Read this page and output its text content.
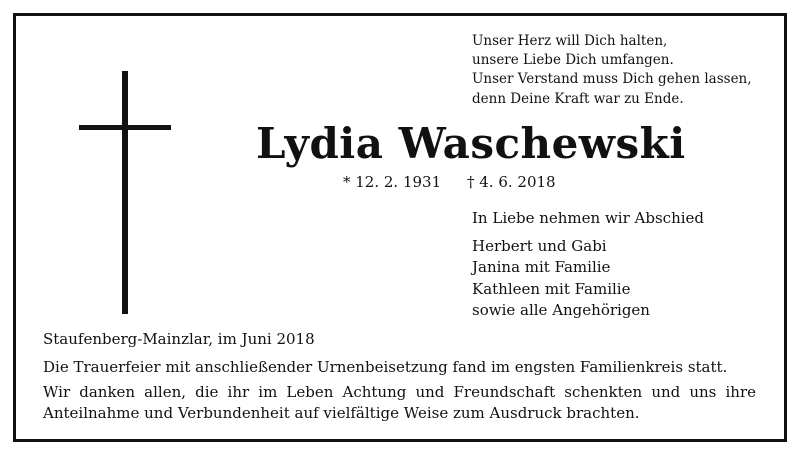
Unser Herz will Dich halten,
unsere Liebe Dich umfangen.
Unser Verstand muss Dich gehen lassen,
denn Deine Kraft war zu Ende.
Lydia Waschewski
* 12. 2. 1931 † 4. 6. 2018
In Liebe nehmen wir Abschied
Herbert und Gabi
Janina mit Familie
Kathleen mit Familie
sowie alle Angehörigen
Staufenberg-Mainzlar, im Juni 2018
Die Trauerfeier mit anschließender Urnenbeisetzung fand im engsten Familienkreis statt.
Wir danken allen, die ihr im Leben Achtung und Freundschaft schenkten und uns ihre Anteilnahme und Verbundenheit auf vielfältige Weise zum Ausdruck brachten.
